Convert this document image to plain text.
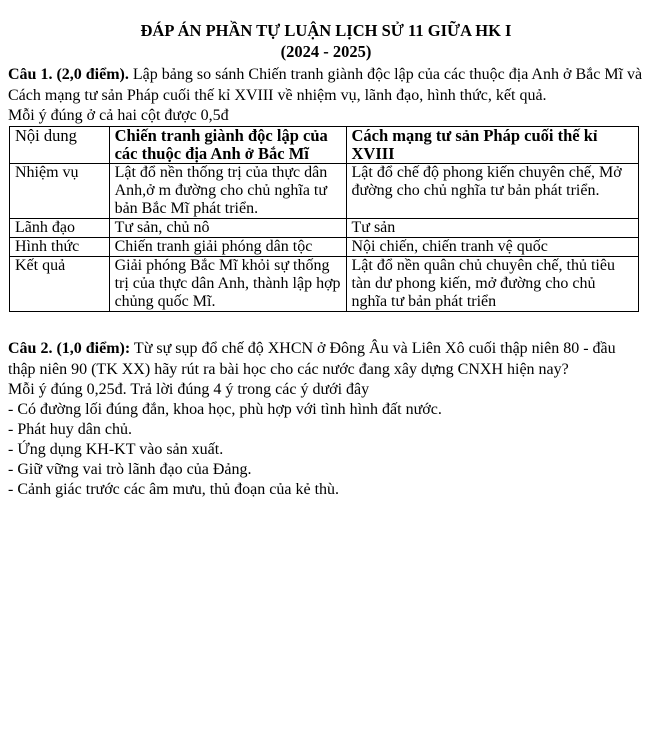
ĐÁP ÁN PHẦN TỰ LUẬN LỊCH SỬ 11 GIỮA HK I
(2024 - 2025)

Câu 1. (2,0 điểm). Lập bảng so sánh Chiến tranh giành độc lập của các thuộc địa Anh ở Bắc Mĩ và Cách mạng tư sản Pháp cuối thế kỉ XVIII về nhiệm vụ, lãnh đạo, hình thức, kết quả.

Mỗi ý đúng ở cả hai cột được 0,5đ

Nội dung	Chiến tranh giành độc lập của các thuộc địa Anh ở Bắc Mĩ	Cách mạng tư sản Pháp cuối thế kỉ XVIII
Nhiệm vụ	Lật đổ nền thống trị của thực dân Anh,ở m đường cho chủ nghĩa tư bản Bắc Mĩ phát triển.	Lật đổ chế độ phong kiến chuyên chế, Mở đường cho chủ nghĩa tư bản phát triển.
Lãnh đạo	Tư sản, chủ nô	Tư sản
Hình thức	Chiến tranh giải phóng dân tộc	Nội chiến, chiến tranh vệ quốc
Kết quả	Giải phóng Bắc Mĩ khỏi sự thống trị của thực dân Anh, thành lập hợp chủng quốc Mĩ.	Lật đổ nền quân chủ chuyên chế, thủ tiêu tàn dư phong kiến, mở đường cho chủ nghĩa tư bản phát triển

Câu 2. (1,0 điểm): Từ sự sụp đổ chế độ XHCN ở Đông Âu và Liên Xô cuối thập niên 80 - đầu thập niên 90 (TK XX) hãy rút ra bài học cho các nước đang xây dựng CNXH hiện nay?

Mỗi ý đúng 0,25đ. Trả lời đúng 4 ý trong các ý dưới đây

- Có đường lối đúng đắn, khoa học, phù hợp với tình hình đất nước.
- Phát huy dân chủ.
- Ứng dụng KH-KT vào sản xuất.
- Giữ vững vai trò lãnh đạo của Đảng.
- Cảnh giác trước các âm mưu, thủ đoạn của kẻ thù.
